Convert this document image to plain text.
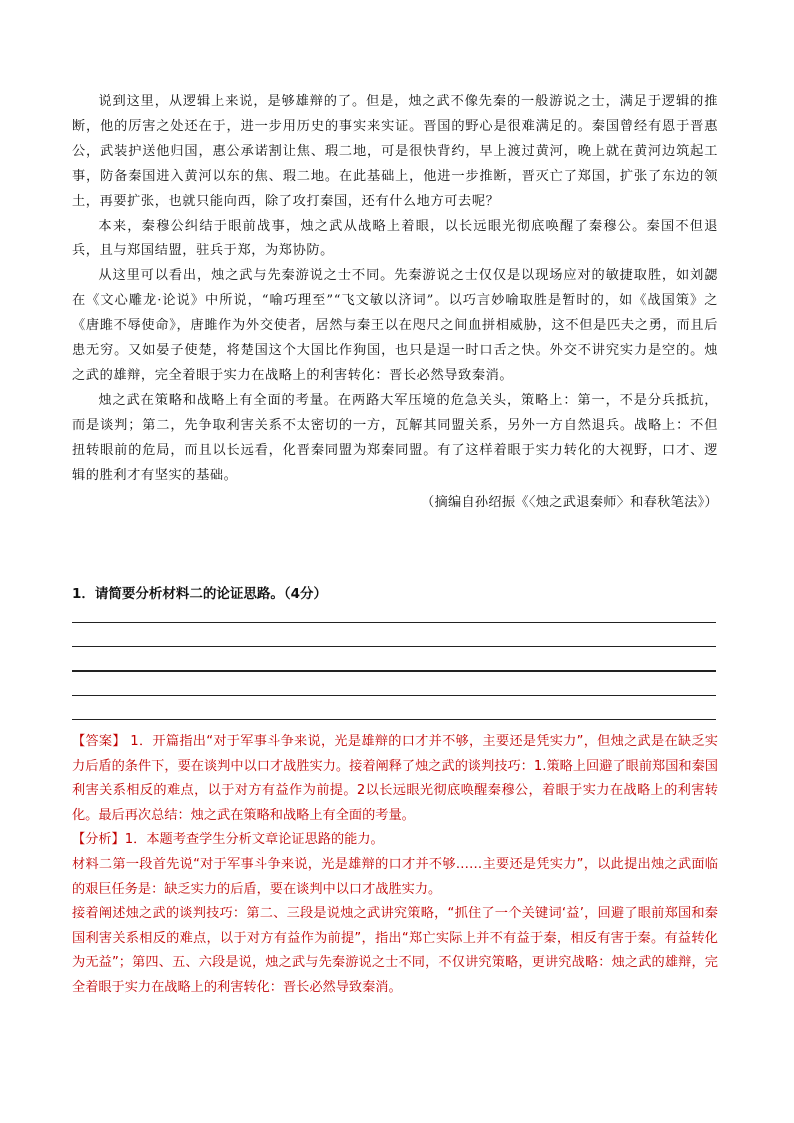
说到这里，从逻辑上来说，是够雄辩的了。但是，烛之武不像先秦的一般游说之士，满足于逻辑的推断，他的厉害之处还在于，进一步用历史的事实来实证。晋国的野心是很难满足的。秦国曾经有恩于晋惠公，武装护送他归国，惠公承诺割让焦、瑕二地，可是很快背约，早上渡过黄河，晚上就在黄河边筑起工事，防备秦国进入黄河以东的焦、瑕二地。在此基础上，他进一步推断，晋灭亡了郑国，扩张了东边的领土，再要扩张，也就只能向西，除了攻打秦国，还有什么地方可去呢？

本来，秦穆公纠结于眼前战事，烛之武从战略上着眼，以长远眼光彻底唤醒了秦穆公。秦国不但退兵，且与郑国结盟，驻兵于郑，为郑协防。

从这里可以看出，烛之武与先秦游说之士不同。先秦游说之士仅仅是以现场应对的敏捷取胜，如刘勰在《文心雕龙·论说》中所说，“喻巧理至”“飞文敏以济词”。以巧言妙喻取胜是暂时的，如《战国策》之《唐雎不辱使命》，唐雎作为外交使者，居然与秦王以在咫尺之间血拼相威胁，这不但是匹夫之勇，而且后患无穷。又如晏子使楚，将楚国这个大国比作狗国，也只是逞一时口舌之快。外交不讲究实力是空的。烛之武的雄辩，完全着眼于实力在战略上的利害转化：晋长必然导致秦消。

烛之武在策略和战略上有全面的考量。在两路大军压境的危急关头，策略上：第一，不是分兵抵抗，而是谈判；第二，先争取利害关系不太密切的一方，瓦解其同盟关系，另外一方自然退兵。战略上：不但扭转眼前的危局，而且以长远看，化晋秦同盟为郑秦同盟。有了这样着眼于实力转化的大视野，口才、逻辑的胜利才有坚实的基础。

（摘编自孙绍振《〈烛之武退秦师〉和春秋笔法》）

1．请简要分析材料二的论证思路。（4分）

【答案】 1．开篇指出“对于军事斗争来说，光是雄辩的口才并不够，主要还是凭实力”，但烛之武是在缺乏实力后盾的条件下，要在谈判中以口才战胜实力。接着阐释了烛之武的谈判技巧：1.策略上回避了眼前郑国和秦国利害关系相反的难点，以于对方有益作为前提。2以长远眼光彻底唤醒秦穆公，着眼于实力在战略上的利害转化。最后再次总结：烛之武在策略和战略上有全面的考量。

【分析】1．本题考查学生分析文章论证思路的能力。

材料二第一段首先说“对于军事斗争来说，光是雄辩的口才并不够……主要还是凭实力”，以此提出烛之武面临的艰巨任务是：缺乏实力的后盾，要在谈判中以口才战胜实力。

接着阐述烛之武的谈判技巧：第二、三段是说烛之武讲究策略，“抓住了一个关键词‘益’，回避了眼前郑国和秦国利害关系相反的难点，以于对方有益作为前提”，指出“郑亡实际上并不有益于秦，相反有害于秦。有益转化为无益”；第四、五、六段是说，烛之武与先秦游说之士不同，不仅讲究策略，更讲究战略：烛之武的雄辩，完全着眼于实力在战略上的利害转化：晋长必然导致秦消。
